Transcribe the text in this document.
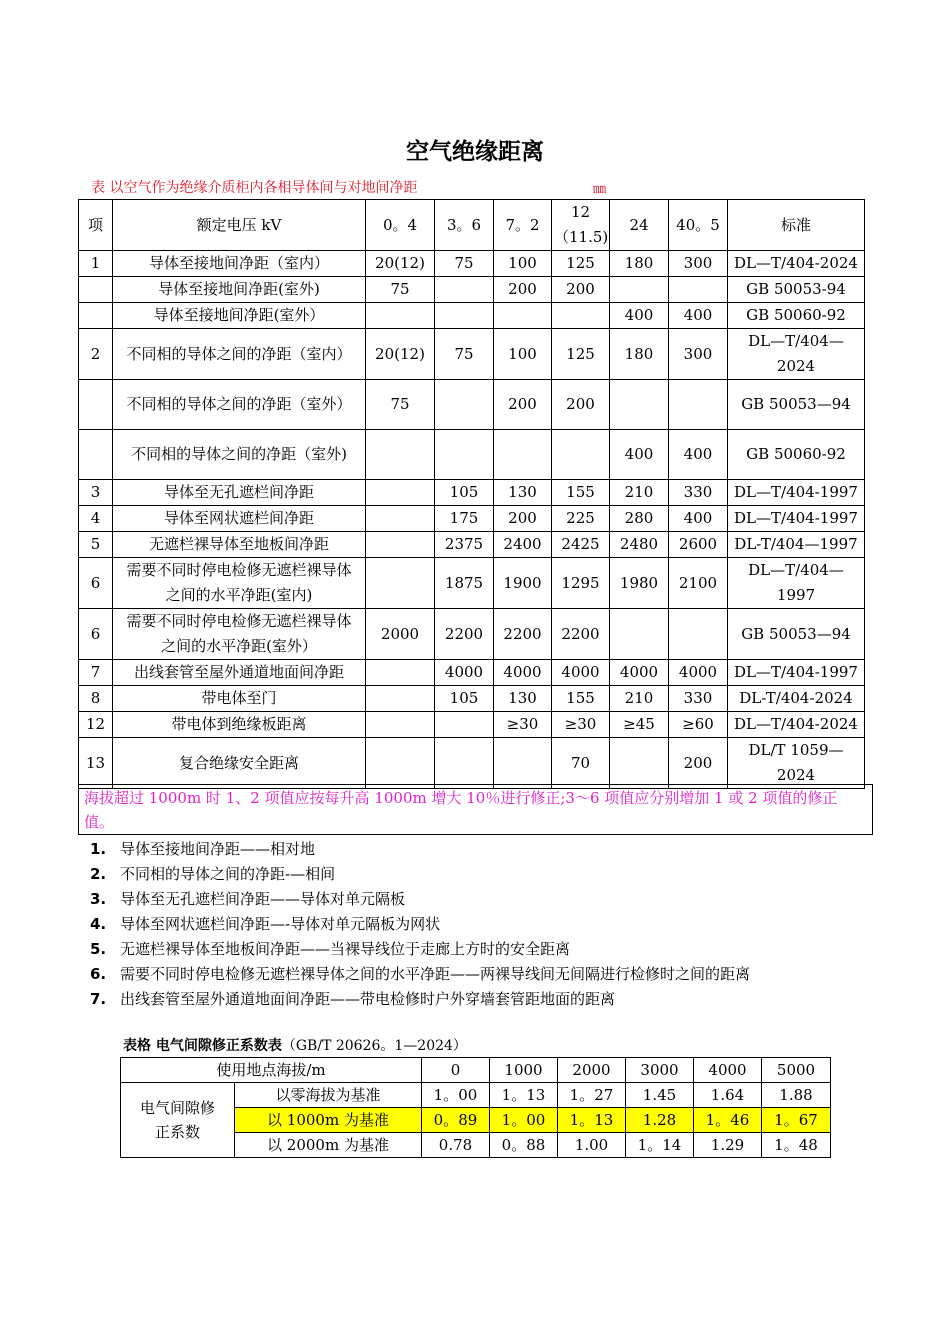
空气绝缘距离
表 以空气作为绝缘介质柜内各相导体间与对地间净距	㎜
项	额定电压 kV	0。4	3。6	7。2	12（11.5)	24	40。5	标准
1	导体至接地间净距（室内）	20(12)	75	100	125	180	300	DL—T/404-2024
	导体至接地间净距(室外)	75		200	200			GB 50053-94
	导体至接地间净距(室外）					400	400	GB 50060-92
2	不同相的导体之间的净距（室内）	20(12)	75	100	125	180	300	DL—T/404—2024
	不同相的导体之间的净距（室外）	75		200	200			GB 50053—94
	不同相的导体之间的净距（室外)					400	400	GB 50060-92
3	导体至无孔遮栏间净距		105	130	155	210	330	DL—T/404-1997
4	导体至网状遮栏间净距		175	200	225	280	400	DL—T/404-1997
5	无遮栏裸导体至地板间净距		2375	2400	2425	2480	2600	DL-T/404—1997
6	需要不同时停电检修无遮栏裸导体之间的水平净距(室内)		1875	1900	1295	1980	2100	DL—T/404—1997
6	需要不同时停电检修无遮栏裸导体之间的水平净距(室外）	2000	2200	2200	2200			GB 50053—94
7	出线套管至屋外通道地面间净距		4000	4000	4000	4000	4000	DL—T/404-1997
8	带电体至门		105	130	155	210	330	DL-T/404-2024
12	带电体到绝缘板距离			≥30	≥30	≥45	≥60	DL—T/404-2024
13	复合绝缘安全距离				70		200	DL/T 1059—2024
海拔超过 1000m 时 1、2 项值应按每升高 1000m 增大 10％进行修正;3～6 项值应分别增加 1 或 2 项值的修正值。
1. 导体至接地间净距——相对地
2. 不同相的导体之间的净距-—相间
3. 导体至无孔遮栏间净距——导体对单元隔板
4. 导体至网状遮栏间净距—-导体对单元隔板为网状
5. 无遮栏裸导体至地板间净距——当裸导线位于走廊上方时的安全距离
6. 需要不同时停电检修无遮栏裸导体之间的水平净距——两裸导线间无间隔进行检修时之间的距离
7. 出线套管至屋外通道地面间净距——带电检修时户外穿墙套管距地面的距离
表格 电气间隙修正系数表（GB/T 20626。1—2024）
使用地点海拔/m		0	1000	2000	3000	4000	5000
电气间隙修正系数	以零海拔为基准	1。00	1。13	1。27	1.45	1.64	1.88
	以 1000m 为基准	0。89	1。00	1。13	1.28	1。46	1。67
	以 2000m 为基准	0.78	0。88	1.00	1。14	1.29	1。48
